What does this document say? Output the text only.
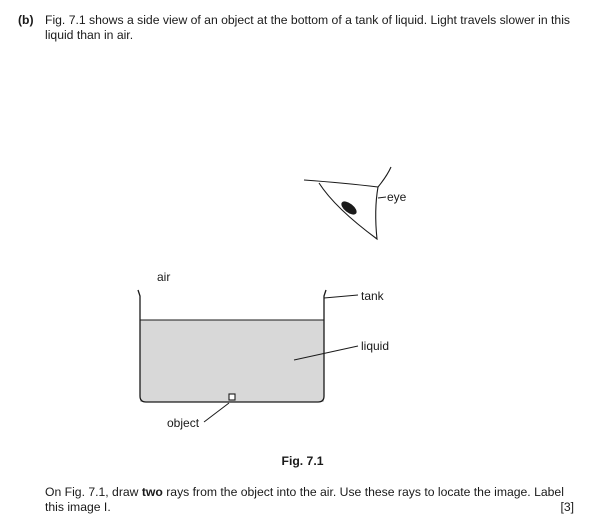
(b) Fig. 7.1 shows a side view of an object at the bottom of a tank of liquid. Light travels slower in this liquid than in air.
eye
air
tank
liquid
object
Fig. 7.1
On Fig. 7.1, draw two rays from the object into the air. Use these rays to locate the image. Label this image I.	[3]
